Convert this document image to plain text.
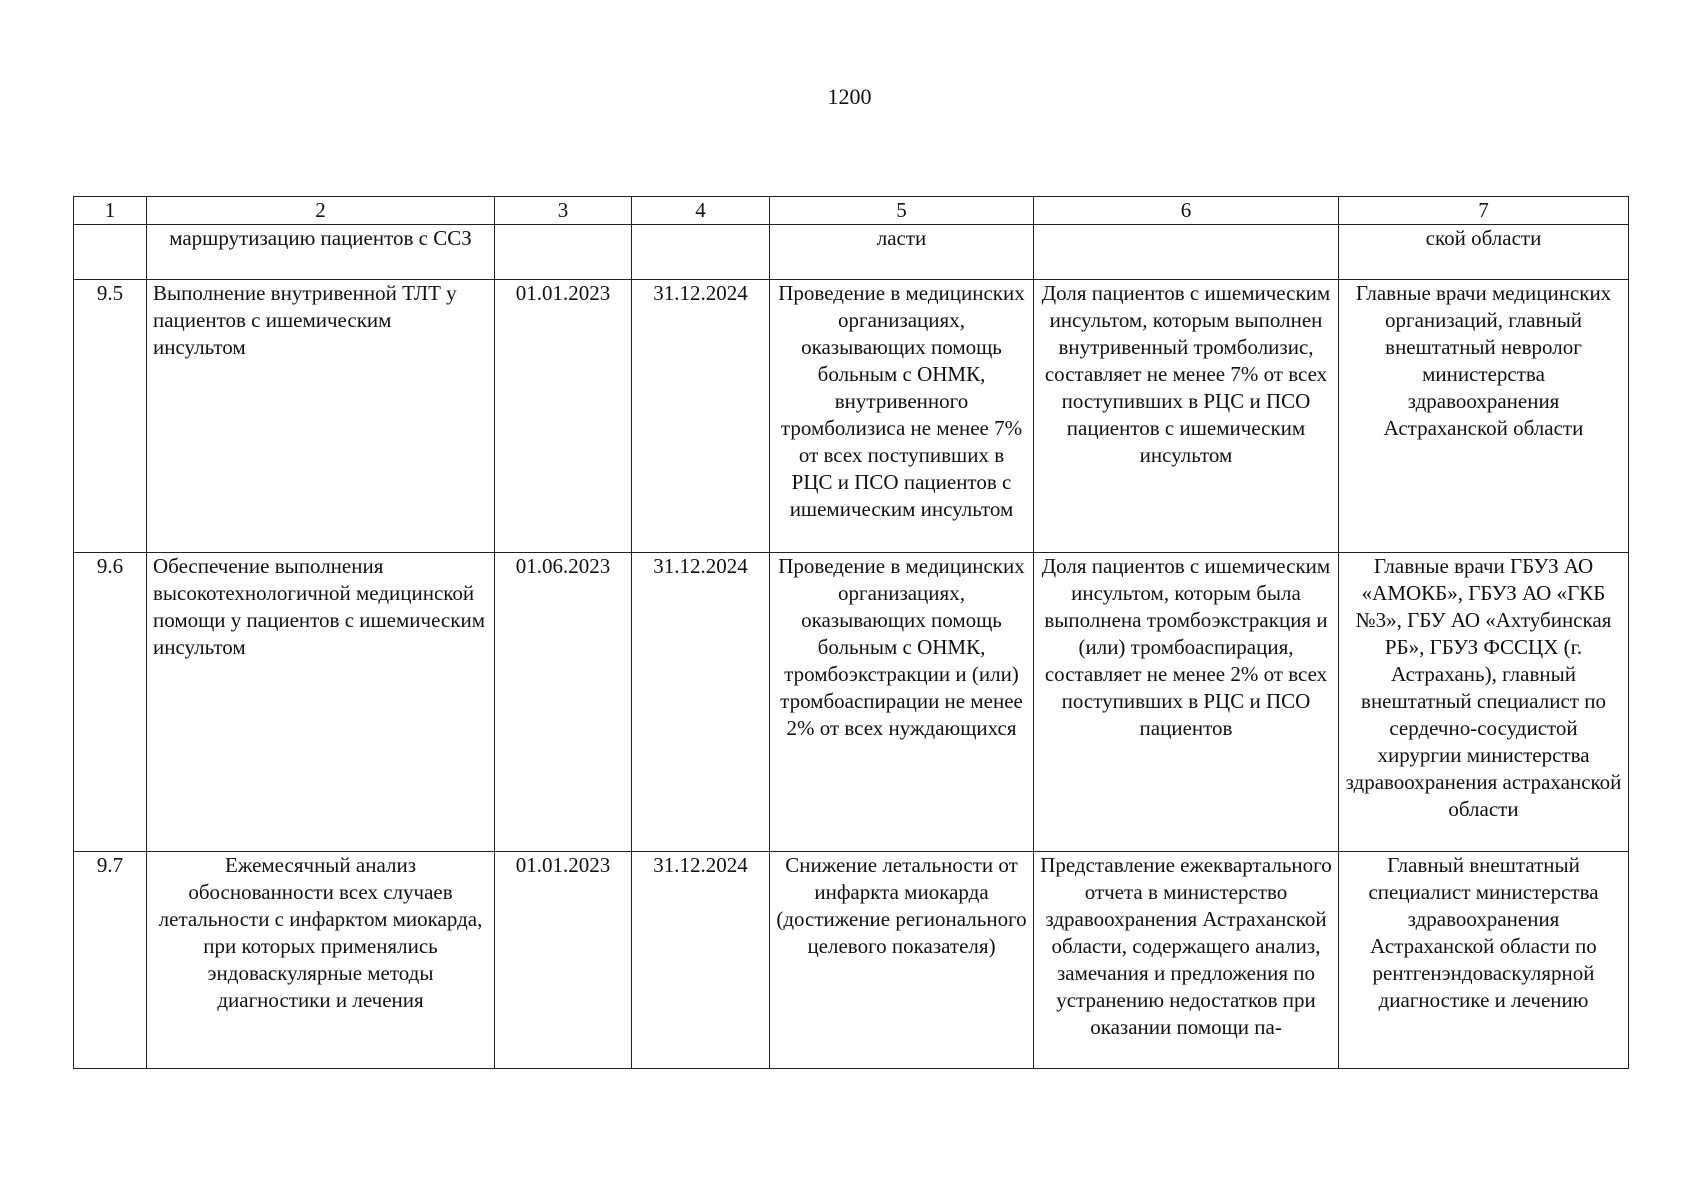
1200
1	2	3	4	5	6	7
	маршрутизацию пациентов с ССЗ			ласти		ской области
9.5	Выполнение внутривенной ТЛТ у пациентов с ишемическим инсультом	01.01.2023	31.12.2024	Проведение в медицинских организациях, оказывающих помощь больным с ОНМК, внутривенного тромболизиса не менее 7% от всех поступивших в РЦС и ПСО пациентов с ишемическим инсультом	Доля пациентов с ишемическим инсультом, которым выполнен внутривенный тромболизис, составляет не менее 7% от всех поступивших в РЦС и ПСО пациентов с ишемическим инсультом	Главные врачи медицинских организаций, главный внештатный невролог министерства здравоохранения Астраханской области
9.6	Обеспечение выполнения высокотехнологичной медицинской помощи у пациентов с ишемическим инсультом	01.06.2023	31.12.2024	Проведение в медицинских организациях, оказывающих помощь больным с ОНМК, тромбоэкстракции и (или) тромбоаспирации не менее 2% от всех нуждающихся	Доля пациентов с ишемическим инсультом, которым была выполнена тромбоэкстракция и (или) тромбоаспирация, составляет не менее 2% от всех поступивших в РЦС и ПСО пациентов	Главные врачи ГБУЗ АО «АМОКБ», ГБУЗ АО «ГКБ №3», ГБУ АО «Ахтубинская РБ», ГБУЗ ФССЦХ (г. Астрахань), главный внештатный специалист по сердечно-сосудистой хирургии министерства здравоохранения астраханской области
9.7	Ежемесячный анализ обоснованности всех случаев летальности с инфарктом миокарда, при которых применялись эндоваскулярные методы диагностики и лечения	01.01.2023	31.12.2024	Снижение летальности от инфаркта миокарда (достижение регионального целевого показателя)	Представление ежеквартального отчета в министерство здравоохранения Астраханской области, содержащего анализ, замечания и предложения по устранению недостатков при оказании помощи па-	Главный внештатный специалист министерства здравоохранения Астраханской области по рентгенэндоваскулярной диагностике и лечению
